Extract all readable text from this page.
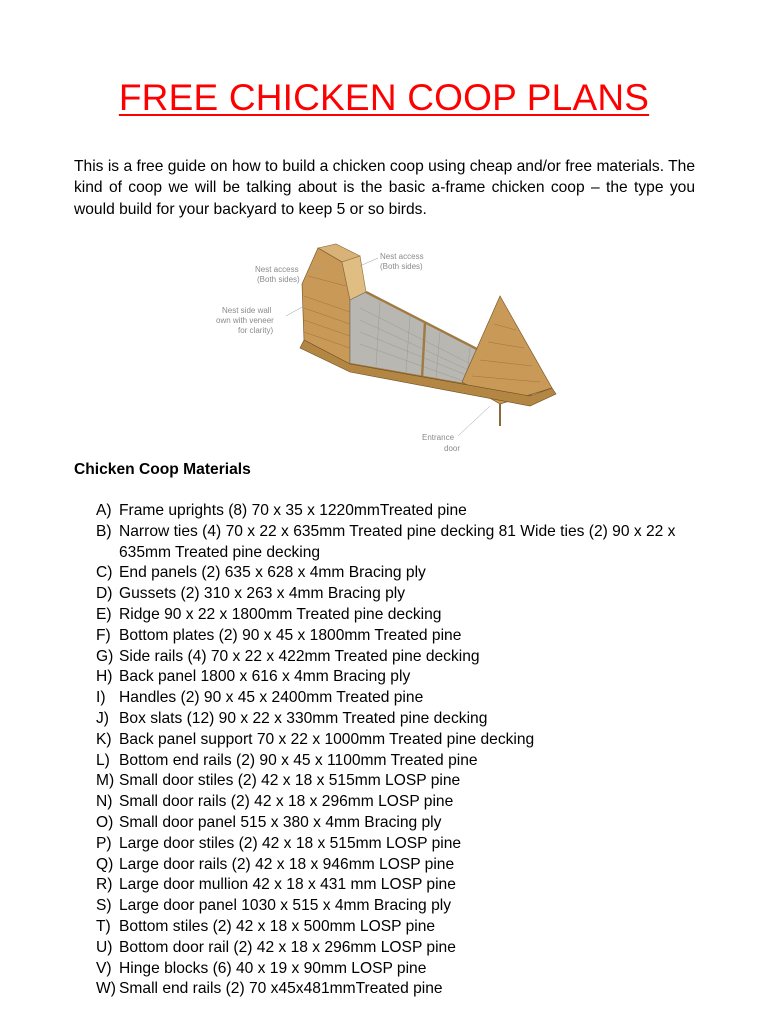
FREE CHICKEN COOP PLANS

This is a free guide on how to build a chicken coop using cheap and/or free materials. The kind of coop we will be talking about is the basic a-frame chicken coop – the type you would build for your backyard to keep 5 or so birds.

Nest access (Both sides)
Nest access (Both sides)
Nest side wall own with veneer for clarity)
Entrance door
Chicken Coop Materials
A) Frame uprights (8) 70 x 35 x 1220mmTreated pine
B) Narrow ties (4) 70 x 22 x 635mm Treated pine decking 81 Wide ties (2) 90 x 22 x 635mm Treated pine decking
C) End panels (2) 635 x 628 x 4mm Bracing ply
D) Gussets (2) 310 x 263 x 4mm Bracing ply
E) Ridge 90 x 22 x 1800mm Treated pine decking
F) Bottom plates (2) 90 x 45 x 1800mm Treated pine
G) Side rails (4) 70 x 22 x 422mm Treated pine decking
H) Back panel 1800 x 616 x 4mm Bracing ply
I) Handles (2) 90 x 45 x 2400mm Treated pine
J) Box slats (12) 90 x 22 x 330mm Treated pine decking
K) Back panel support 70 x 22 x 1000mm Treated pine decking
L) Bottom end rails (2) 90 x 45 x 1100mm Treated pine
M) Small door stiles (2) 42 x 18 x 515mm LOSP pine
N) Small door rails (2) 42 x 18 x 296mm LOSP pine
O) Small door panel 515 x 380 x 4mm Bracing ply
P) Large door stiles (2) 42 x 18 x 515mm LOSP pine
Q) Large door rails (2) 42 x 18 x 946mm LOSP pine
R) Large door mullion 42 x 18 x 431 mm LOSP pine
S) Large door panel 1030 x 515 x 4mm Bracing ply
T) Bottom stiles (2) 42 x 18 x 500mm LOSP pine
U) Bottom door rail (2) 42 x 18 x 296mm LOSP pine
V) Hinge blocks (6) 40 x 19 x 90mm LOSP pine
W) Small end rails (2) 70 x45x481mmTreated pine
